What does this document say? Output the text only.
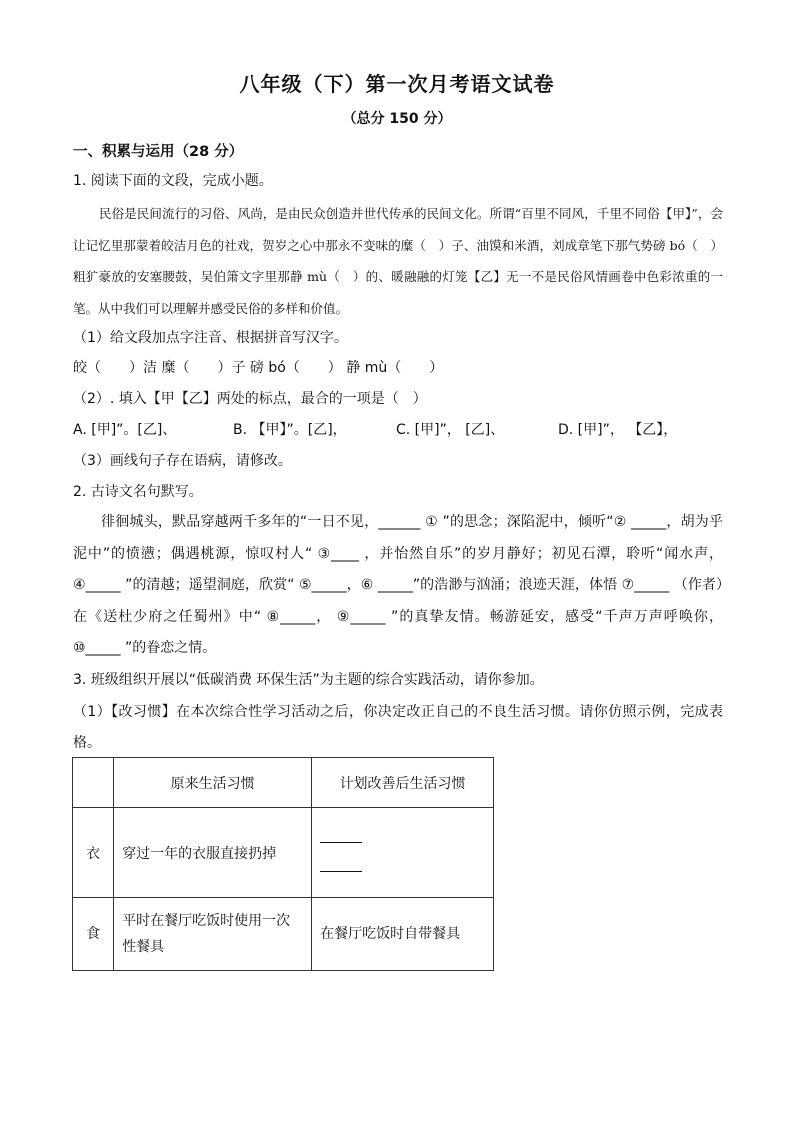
八年级（下）第一次月考语文试卷
（总分 150 分）
一、积累与运用（28 分）
1. 阅读下面的文段，完成小题。
民俗是民间流行的习俗、风尚，是由民众创造并世代传承的民间文化。所谓“百里不同风，千里不同俗【甲】”，会让记忆里那蒙着皎洁月色的社戏，贺岁之心中那永不变味的糜（　）子、油馍和米酒，刘成章笔下那气势磅 bó（　）粗犷豪放的安塞腰鼓，吴伯箫文字里那静 mù（　）的、暖融融的灯笼【乙】无一不是民俗风情画卷中色彩浓重的一笔。从中我们可以理解并感受民俗的多样和价值。
（1）给文段加点字注音、根据拼音写汉字。
皎（　　）洁 糜（　　）子 磅 bó（　　） 静 mù（　　）
（2）. 填入【甲【乙】两处的标点，最合的一项是（　）
A. [甲]”。[乙]、	B. 【甲】”。[乙]，	C. [甲]”， [乙]、	D. [甲]”， 【乙】，
（3）画线句子存在语病，请修改。
2. 古诗文名句默写。
徘徊城头，默品穿越两千多年的“一日不见，______ ① ”的思念；深陷泥中，倾听“② _____，胡为乎泥中”的愤懑；偶遇桃源，惊叹村人“ ③____ ，并怡然自乐”的岁月静好；初见石潭，聆听“闻水声， ④_____ ”的清越；遥望洞庭，欣赏“ ⑤_____，⑥ _____”的浩渺与汹涌；浪迹天涯，体悟 ⑦_____ （作者）在《送杜少府之任蜀州》中“ ⑧_____， ⑨_____ ”的真挚友情。畅游延安，感受“千声万声呼唤你， ⑩_____ ”的眷恋之情。
3. 班级组织开展以“低碳消费 环保生活”为主题的综合实践活动，请你参加。
（1）【改习惯】在本次综合性学习活动之后，你决定改正自己的不良生活习惯。请你仿照示例，完成表格。
	原来生活习惯	计划改善后生活习惯
衣	穿过一年的衣服直接扔掉	

食	平时在餐厅吃饭时使用一次性餐具	在餐厅吃饭时自带餐具
